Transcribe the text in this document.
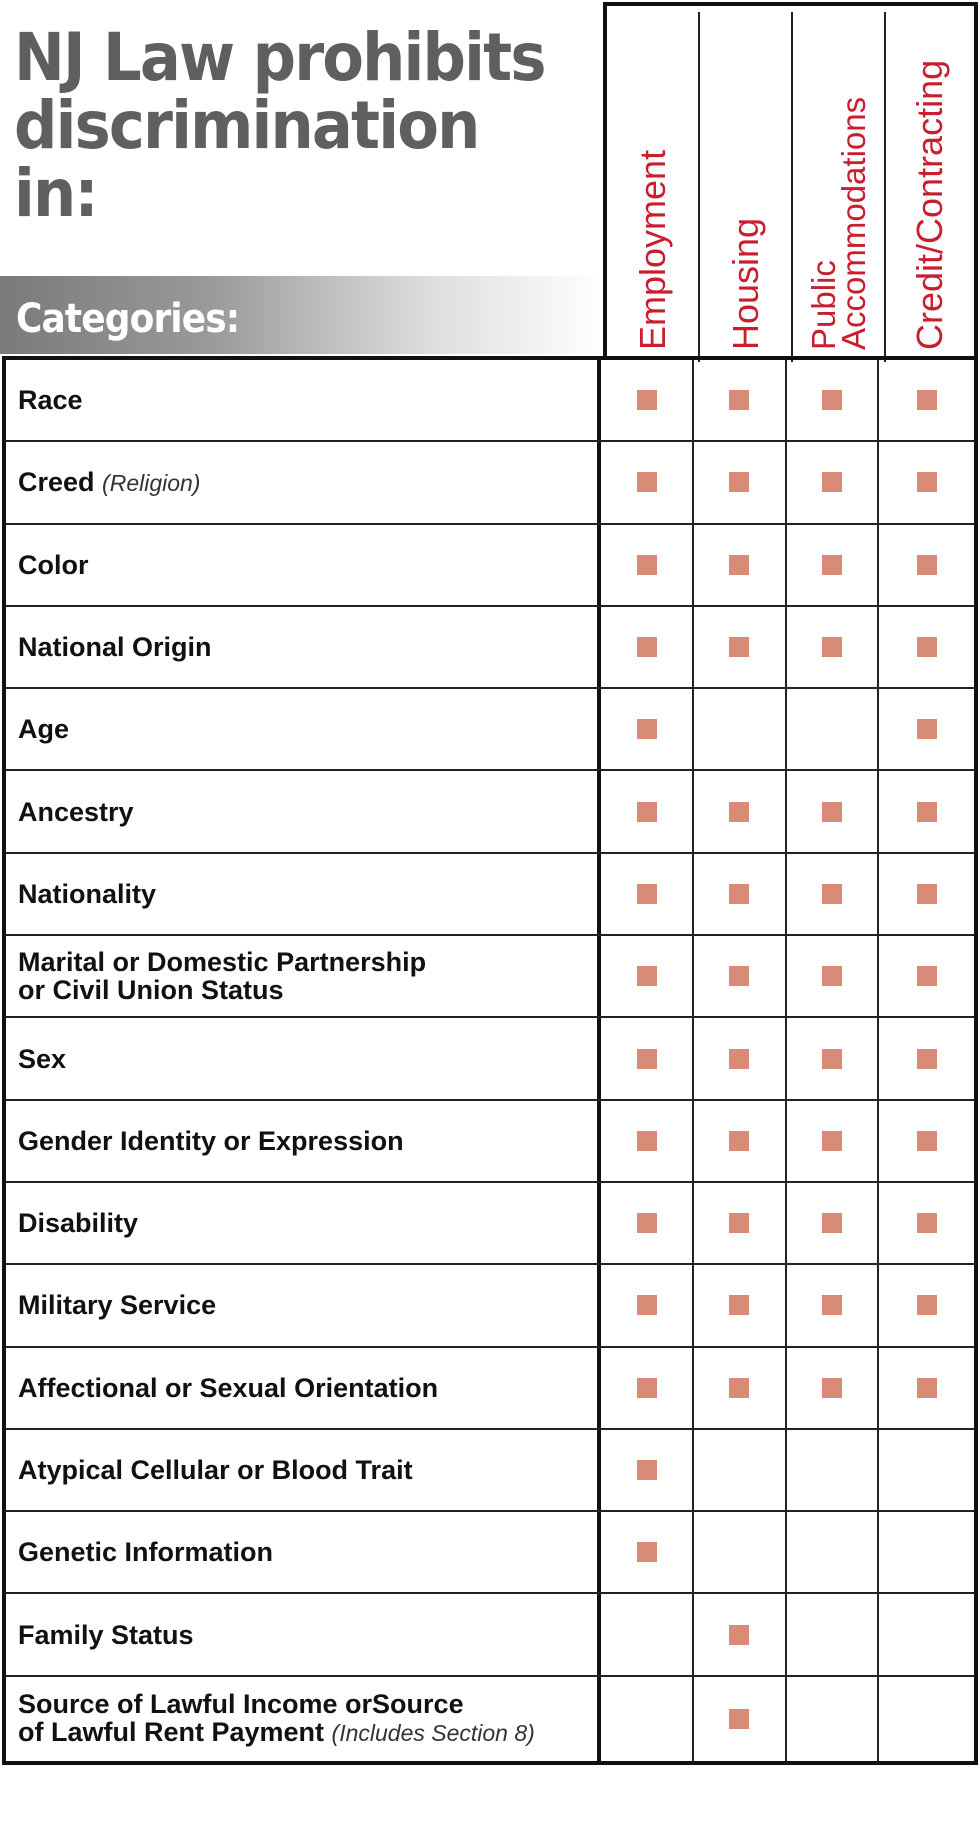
NJ Law prohibits
discrimination in:
Categories:	Employment Housing Public
Accommodations Credit/Contracting
Race
Creed (Religion)
Color
National Origin
Age
Ancestry
Nationality
Marital or Domestic Partnership
or Civil Union Status
Sex
Gender Identity or Expression
Disability
Military Service
Affectional or Sexual Orientation
Atypical Cellular or Blood Trait
Genetic Information
Family Status
Source of Lawful Income orSource
of Lawful Rent Payment (Includes Section 8)
